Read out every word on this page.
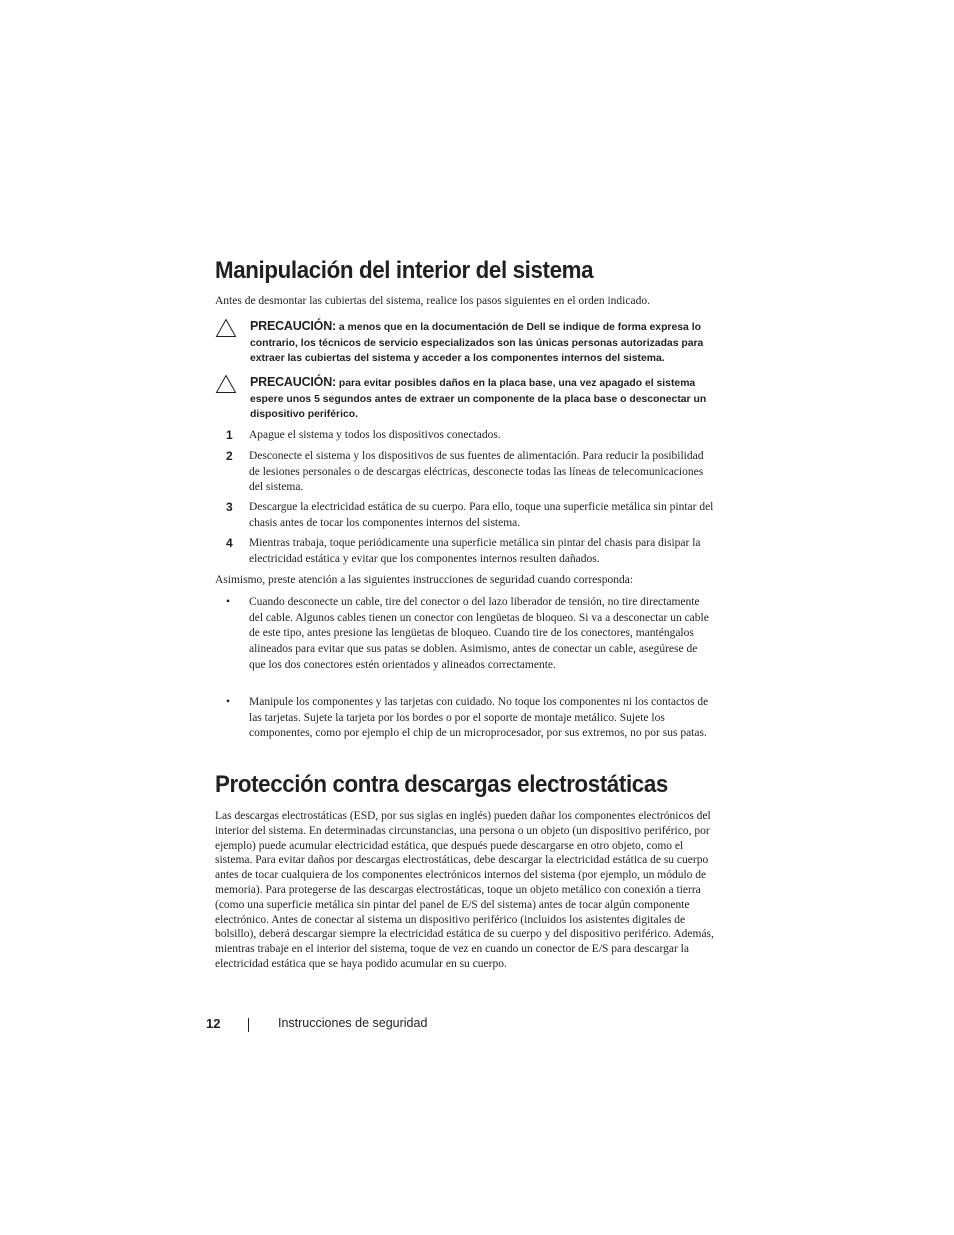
Manipulación del interior del sistema

Antes de desmontar las cubiertas del sistema, realice los pasos siguientes en el orden indicado.

PRECAUCIÓN: a menos que en la documentación de Dell se indique de forma expresa lo contrario, los técnicos de servicio especializados son las únicas personas autorizadas para extraer las cubiertas del sistema y acceder a los componentes internos del sistema.

PRECAUCIÓN: para evitar posibles daños en la placa base, una vez apagado el sistema espere unos 5 segundos antes de extraer un componente de la placa base o desconectar un dispositivo periférico.

1 Apague el sistema y todos los dispositivos conectados.

2 Desconecte el sistema y los dispositivos de sus fuentes de alimentación. Para reducir la posibilidad de lesiones personales o de descargas eléctricas, desconecte todas las líneas de telecomunicaciones del sistema.

3 Descargue la electricidad estática de su cuerpo. Para ello, toque una superficie metálica sin pintar del chasis antes de tocar los componentes internos del sistema.

4 Mientras trabaja, toque periódicamente una superficie metálica sin pintar del chasis para disipar la electricidad estática y evitar que los componentes internos resulten dañados.

Asimismo, preste atención a las siguientes instrucciones de seguridad cuando corresponda:

• Cuando desconecte un cable, tire del conector o del lazo liberador de tensión, no tire directamente del cable. Algunos cables tienen un conector con lengüetas de bloqueo. Si va a desconectar un cable de este tipo, antes presione las lengüetas de bloqueo. Cuando tire de los conectores, manténgalos alineados para evitar que sus patas se doblen. Asimismo, antes de conectar un cable, asegúrese de que los dos conectores estén orientados y alineados correctamente.

• Manipule los componentes y las tarjetas con cuidado. No toque los componentes ni los contactos de las tarjetas. Sujete la tarjeta por los bordes o por el soporte de montaje metálico. Sujete los componentes, como por ejemplo el chip de un microprocesador, por sus extremos, no por sus patas.

Protección contra descargas electrostáticas

Las descargas electrostáticas (ESD, por sus siglas en inglés) pueden dañar los componentes electrónicos del interior del sistema. En determinadas circunstancias, una persona o un objeto (un dispositivo periférico, por ejemplo) puede acumular electricidad estática, que después puede descargarse en otro objeto, como el sistema. Para evitar daños por descargas electrostáticas, debe descargar la electricidad estática de su cuerpo antes de tocar cualquiera de los componentes electrónicos internos del sistema (por ejemplo, un módulo de memoria). Para protegerse de las descargas electrostáticas, toque un objeto metálico con conexión a tierra (como una superficie metálica sin pintar del panel de E/S del sistema) antes de tocar algún componente electrónico. Antes de conectar al sistema un dispositivo periférico (incluidos los asistentes digitales de bolsillo), deberá descargar siempre la electricidad estática de su cuerpo y del dispositivo periférico. Además, mientras trabaje en el interior del sistema, toque de vez en cuando un conector de E/S para descargar la electricidad estática que se haya podido acumular en su cuerpo.

12	Instrucciones de seguridad
